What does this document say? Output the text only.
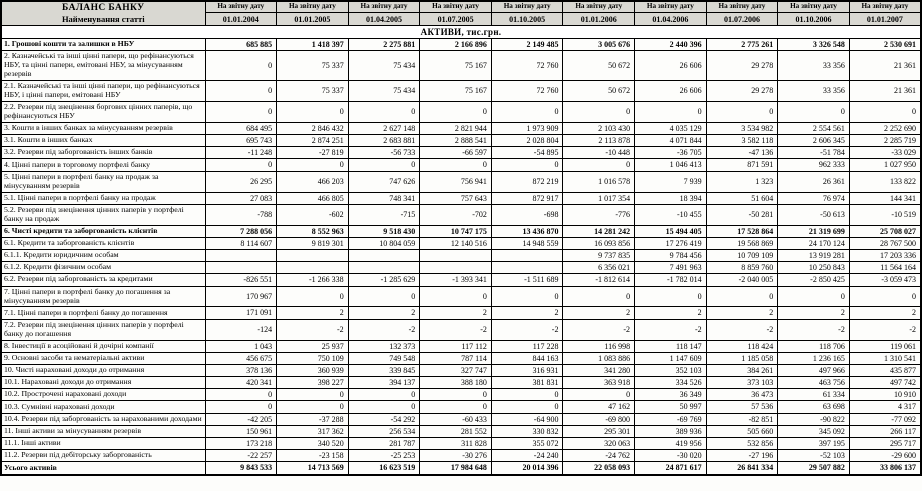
БАЛАНС БАНКУ
Найменування статті	На звітну дату	На звітну дату	На звітну дату	На звітну дату	На звітну дату	На звітну дату	На звітну дату	На звітну дату	На звітну дату	На звітну дату
	01.01.2004	01.01.2005	01.04.2005	01.07.2005	01.10.2005	01.01.2006	01.04.2006	01.07.2006	01.10.2006	01.01.2007
АКТИВИ, тис.грн.										
1. Грошові кошти та залишки в НБУ	685 885	1 418 397	2 275 881	2 166 896	2 149 485	3 005 676	2 440 396	2 775 261	3 326 548	2 530 691
2. Казначейські та інші цінні папери, що рефінансуються НБУ, та цінні папери, емітовані НБУ, за мінусуванням резервів	0	75 337	75 434	75 167	72 760	50 672	26 606	29 278	33 356	21 361
2.1. Казначейські та інші цінні папери, що рефінансуються НБУ, і цінні папери, емітовані НБУ	0	75 337	75 434	75 167	72 760	50 672	26 606	29 278	33 356	21 361
2.2. Резерви під знецінення боргових цінних паперів, що рефінансуються НБУ	0	0	0	0	0	0	0	0	0	0
3. Кошти в інших банках за мінусуванням резервів	684 495	2 846 432	2 627 148	2 821 944	1 973 909	2 103 430	4 035 129	3 534 982	2 554 561	2 252 690
3.1. Кошти в інших банках	695 743	2 874 251	2 683 881	2 888 541	2 028 804	2 113 878	4 071 844	3 582 118	2 606 345	2 285 719
3.2. Резерви під заборгованість інших банків	-11 248	-27 819	-56 733	-66 597	-54 895	-10 448	-36 705	-47 136	-51 784	-33 029
4. Цінні папери в торговому портфелі банку	0	0	0	0	0	0	1 046 413	871 591	962 333	1 027 950
5. Цінні папери в портфелі банку на продаж за мінусуванням резервів	26 295	466 203	747 626	756 941	872 219	1 016 578	7 939	1 323	26 361	133 822
5.1. Цінні папери в портфелі банку на продаж	27 083	466 805	748 341	757 643	872 917	1 017 354	18 394	51 604	76 974	144 341
5.2. Резерви під знецінення цінних паперів у портфелі банку на продаж	-788	-602	-715	-702	-698	-776	-10 455	-50 281	-50 613	-10 519
6. Чисті кредити та заборгованість клієнтів	7 288 056	8 552 963	9 518 430	10 747 175	13 436 870	14 281 242	15 494 405	17 528 864	21 319 699	25 708 027
6.1. Кредити та заборгованість клієнтів	8 114 607	9 819 301	10 804 059	12 140 516	14 948 559	16 093 856	17 276 419	19 568 869	24 170 124	28 767 500
6.1.1. Кредити юридичним особам						9 737 835	9 784 456	10 709 109	13 919 281	17 203 336
6.1.2. Кредити фізичним особам						6 356 021	7 491 963	8 859 760	10 250 843	11 564 164
6.2. Резерви під заборгованість за кредитами	-826 551	-1 266 338	-1 285 629	-1 393 341	-1 511 689	-1 812 614	-1 782 014	-2 040 005	-2 850 425	-3 059 473
7. Цінні папери в портфелі банку до погашення за мінусуванням резервів	170 967	0	0	0	0	0	0	0	0	0
7.1. Цінні папери в портфелі банку до погашення	171 091	2	2	2	2	2	2	2	2	2
7.2. Резерви під знецінення цінних паперів у портфелі банку до погашення	-124	-2	-2	-2	-2	-2	-2	-2	-2	-2
8. Інвестиції в асоційовані й дочірні компанії	1 043	25 937	132 373	117 112	117 228	116 998	118 147	118 424	118 706	119 061
9. Основні засоби та нематеріальні активи	456 675	750 109	749 548	787 114	844 163	1 083 886	1 147 609	1 185 058	1 236 165	1 310 541
10. Чисті нараховані доходи до отримання	378 136	360 939	339 845	327 747	316 931	341 280	352 103	384 261	497 966	435 877
10.1. Нараховані доходи до отримання	420 341	398 227	394 137	388 180	381 831	363 918	334 526	373 103	463 756	497 742
10.2. Прострочені нараховані доходи	0	0	0	0	0	0	36 349	36 473	61 334	10 910
10.3. Сумнівні нараховані доходи	0	0	0	0	0	47 162	50 997	57 536	63 698	4 317
10.4. Резерви під заборгованість за нарахованими доходами	-42 205	-37 288	-54 292	-60 433	-64 900	-69 800	-69 769	-82 851	-90 822	-77 092
11. Інші активи за мінусуванням резервів	150 961	317 362	256 534	281 552	330 832	295 301	389 936	505 660	345 092	266 117
11.1. Інші активи	173 218	340 520	281 787	311 828	355 072	320 063	419 956	532 856	397 195	295 717
11.2. Резерви під дебіторську заборгованість	-22 257	-23 158	-25 253	-30 276	-24 240	-24 762	-30 020	-27 196	-52 103	-29 600
Усього активів	9 843 533	14 713 569	16 623 519	17 984 648	20 014 396	22 058 093	24 871 617	26 841 334	29 507 882	33 806 137
